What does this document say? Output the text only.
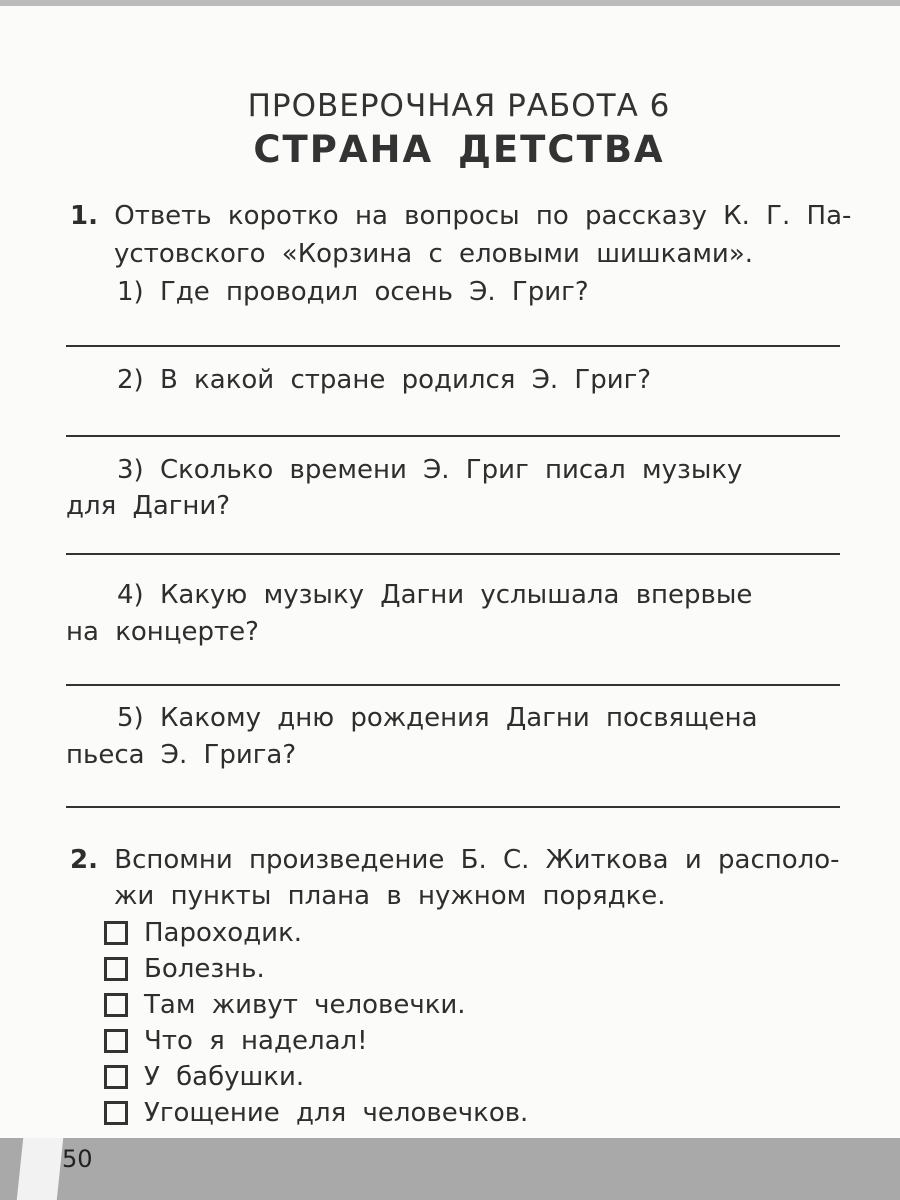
ПРОВЕРОЧНАЯ РАБОТА 6
СТРАНА ДЕТСТВА
1. Ответь коротко на вопросы по рассказу К. Г. Па-
устовского «Корзина с еловыми шишками».
1) Где проводил осень Э. Григ?
2) В какой стране родился Э. Григ?
3) Сколько времени Э. Григ писал музыку
для Дагни?
4) Какую музыку Дагни услышала впервые
на концерте?
5) Какому дню рождения Дагни посвящена
пьеса Э. Грига?
2. Вспомни произведение Б. С. Житкова и располо-
жи пункты плана в нужном порядке.
Пароходик.
Болезнь.
Там живут человечки.
Что я наделал!
У бабушки.
Угощение для человечков.
50
